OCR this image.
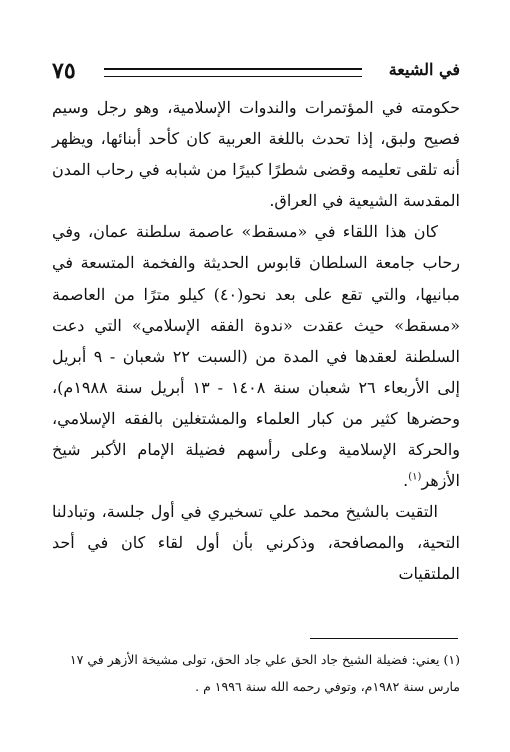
٧٥	في الشيعة

حكومته في المؤتمرات والندوات الإسلامية، وهو رجل وسيم فصيح ولبق، إذا تحدث باللغة العربية كان كأحد أبنائها، ويظهر أنه تلقى تعليمه وقضى شطرًا كبيرًا من شبابه في رحاب المدن المقدسة الشيعية في العراق.

كان هذا اللقاء في «مسقط» عاصمة سلطنة عمان، وفي رحاب جامعة السلطان قابوس الحديثة والفخمة المتسعة في مبانيها، والتي تقع على بعد نحو(٤٠) كيلو مترًا من العاصمة «مسقط» حيث عقدت «ندوة الفقه الإسلامي» التي دعت السلطنة لعقدها في المدة من (السبت ٢٢ شعبان - ٩ أبريل إلى الأربعاء ٢٦ شعبان سنة ١٤٠٨ - ١٣ أبريل سنة ١٩٨٨م)، وحضرها كثير من كبار العلماء والمشتغلين بالفقه الإسلامي، والحركة الإسلامية وعلى رأسهم فضيلة الإمام الأكبر شيخ الأزهر$^{(١)}$.

التقيت بالشيخ محمد علي تسخيري في أول جلسة، وتبادلنا التحية، والمصافحة، وذكرني بأن أول لقاء كان في أحد الملتقيات

(١) يعني: فضيلة الشيخ جاد الحق علي جاد الحق، تولى مشيخة الأزهر في ١٧ مارس سنة ١٩٨٢م، وتوفي رحمه الله سنة ١٩٩٦ م .
